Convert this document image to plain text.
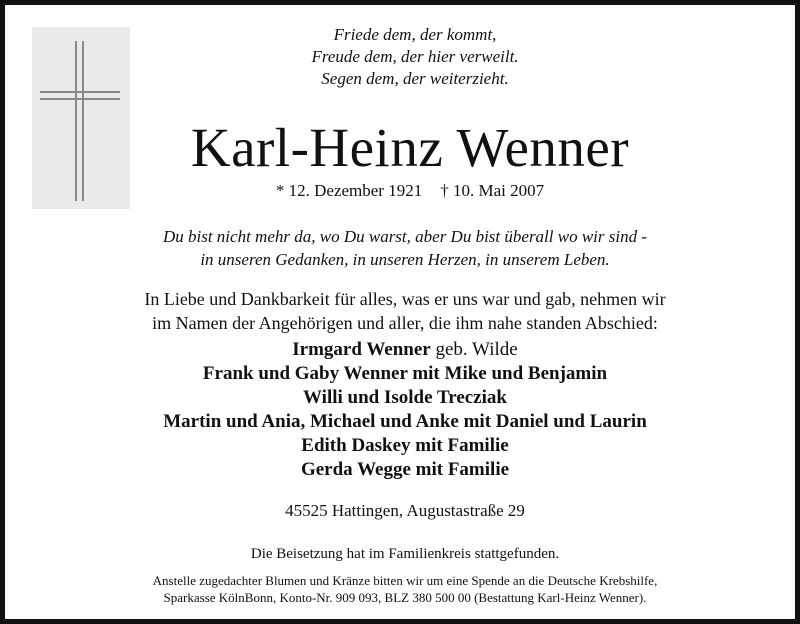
Friede dem, der kommt,
Freude dem, der hier verweilt.
Segen dem, der weiterzieht.
Karl-Heinz Wenner
* 12. Dezember 1921 † 10. Mai 2007
Du bist nicht mehr da, wo Du warst, aber Du bist überall wo wir sind -
in unseren Gedanken, in unseren Herzen, in unserem Leben.
In Liebe und Dankbarkeit für alles, was er uns war und gab, nehmen wir
im Namen der Angehörigen und aller, die ihm nahe standen Abschied:
Irmgard Wenner geb. Wilde
Frank und Gaby Wenner mit Mike und Benjamin
Willi und Isolde Trecziak
Martin und Ania, Michael und Anke mit Daniel und Laurin
Edith Daskey mit Familie
Gerda Wegge mit Familie
45525 Hattingen, Augustastraße 29
Die Beisetzung hat im Familienkreis stattgefunden.
Anstelle zugedachter Blumen und Kränze bitten wir um eine Spende an die Deutsche Krebshilfe,
Sparkasse KölnBonn, Konto-Nr. 909 093, BLZ 380 500 00 (Bestattung Karl-Heinz Wenner).
